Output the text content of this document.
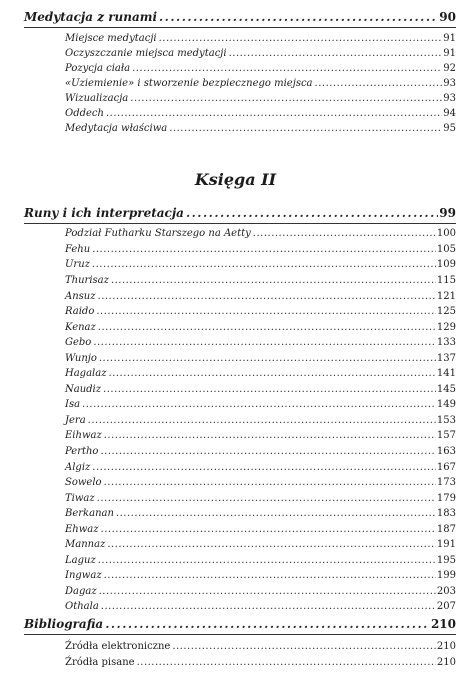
Medytacja z runami .....	90
Miejsce medytacji .....	91
Oczyszczanie miejsca medytacji .....	91
Pozycja ciała .....	92
«Uziemienie» i stworzenie bezpiecznego miejsca .....	93
Wizualizacja .....	93
Oddech .....	94
Medytacja właściwa .....	95
Księga II
Runy i ich interpretacja .....	99
Podział Futharku Starszego na Aetty .....	100
Fehu .....	105
Uruz .....	109
Thurisaz .....	115
Ansuz .....	121
Raido .....	125
Kenaz .....	129
Gebo .....	133
Wunjo .....	137
Hagalaz .....	141
Naudiz .....	145
Isa .....	149
Jera .....	153
Eihwaz .....	157
Pertho .....	163
Algiz .....	167
Sowelo .....	173
Tiwaz .....	179
Berkanan .....	183
Ehwaz .....	187
Mannaz .....	191
Laguz .....	195
Ingwaz .....	199
Dagaz .....	203
Othala .....	207
Bibliografia .....	210
Źródła elektroniczne .....	210
Źródła pisane .....	210
